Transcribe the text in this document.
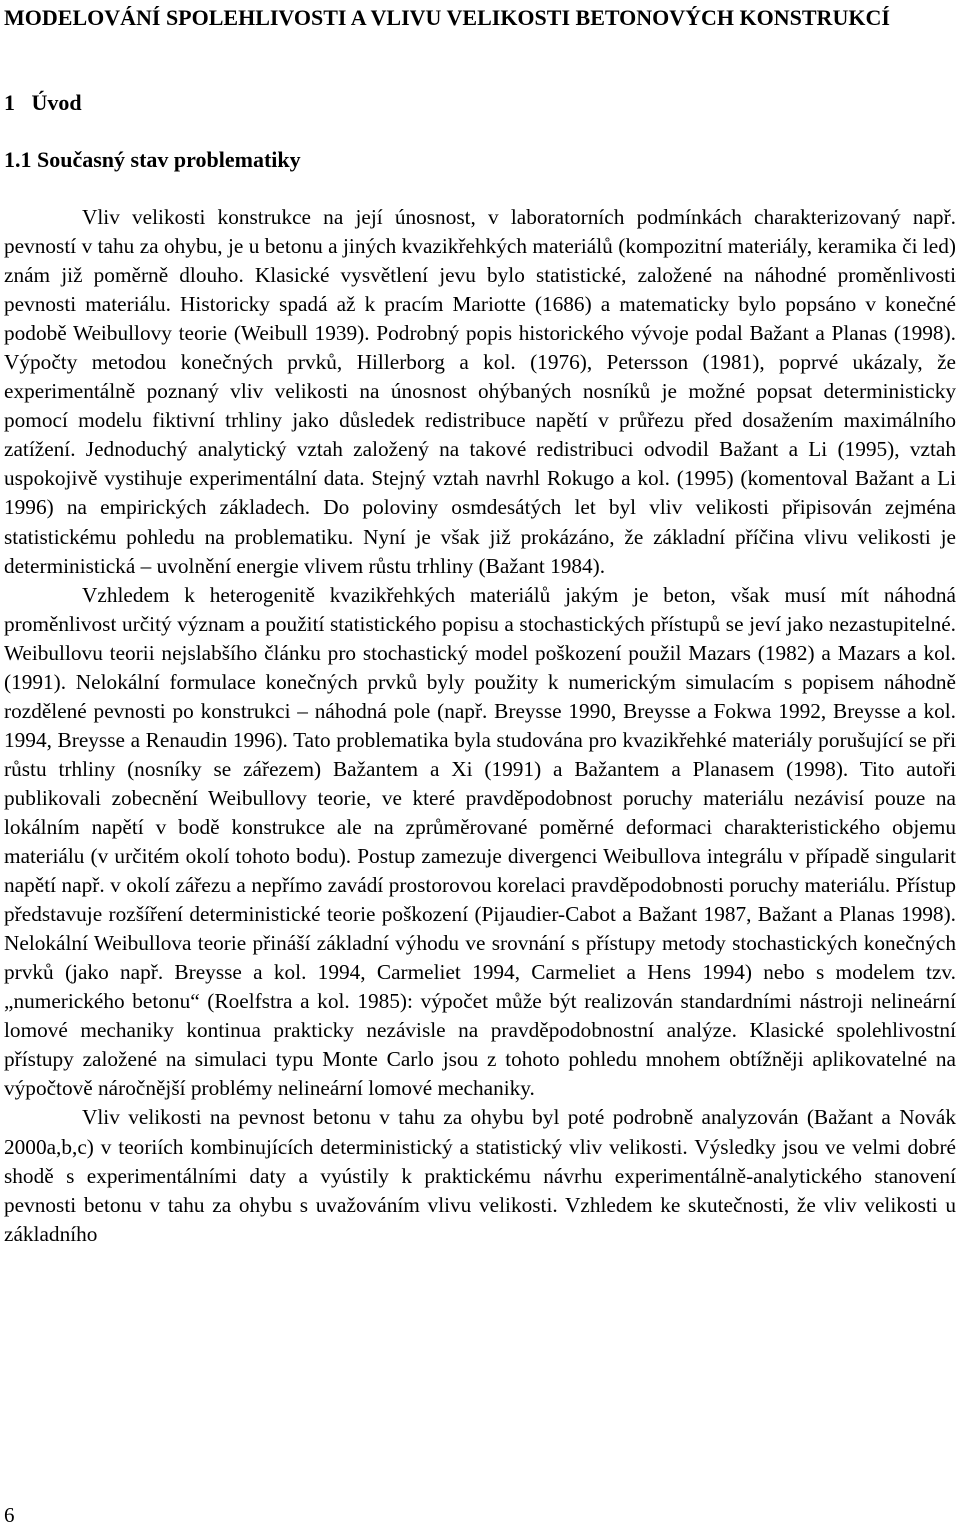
MODELOVÁNÍ SPOLEHLIVOSTI A VLIVU VELIKOSTI BETONOVÝCH KONSTRUKCÍ
1   Úvod
1.1 Současný stav problematiky

Vliv velikosti konstrukce na její únosnost, v laboratorních podmínkách charakterizovaný např. pevností v tahu za ohybu, je u betonu a jiných kvazikřehkých materiálů (kompozitní materiály, keramika či led) znám již poměrně dlouho. Klasické vysvětlení jevu bylo statistické, založené na náhodné proměnlivosti pevnosti materiálu. Historicky spadá až k pracím Mariotte (1686) a matematicky bylo popsáno v konečné podobě Weibullovy teorie (Weibull 1939). Podrobný popis historického vývoje podal Bažant a Planas (1998). Výpočty metodou konečných prvků, Hillerborg a kol. (1976), Petersson (1981), poprvé ukázaly, že experimentálně poznaný vliv velikosti na únosnost ohýbaných nosníků je možné popsat deterministicky pomocí modelu fiktivní trhliny jako důsledek redistribuce napětí v průřezu před dosažením maximálního zatížení. Jednoduchý analytický vztah založený na takové redistribuci odvodil Bažant a Li (1995), vztah uspokojivě vystihuje experimentální data. Stejný vztah navrhl Rokugo a kol. (1995) (komentoval Bažant a Li 1996) na empirických základech. Do poloviny osmdesátých let byl vliv velikosti připisován zejména statistickému pohledu na problematiku. Nyní je však již prokázáno, že základní příčina vlivu velikosti je deterministická – uvolnění energie vlivem růstu trhliny (Bažant 1984).

Vzhledem k heterogenitě kvazikřehkých materiálů jakým je beton, však musí mít náhodná proměnlivost určitý význam a použití statistického popisu a stochastických přístupů se jeví jako nezastupitelné. Weibullovu teorii nejslabšího článku pro stochastický model poškození použil Mazars (1982) a Mazars a kol. (1991). Nelokální formulace konečných prvků byly použity k numerickým simulacím s popisem náhodně rozdělené pevnosti po konstrukci – náhodná pole (např. Breysse 1990, Breysse a Fokwa 1992, Breysse a kol. 1994, Breysse a Renaudin 1996). Tato problematika byla studována pro kvazikřehké materiály porušující se při růstu trhliny (nosníky se zářezem) Bažantem a Xi (1991) a Bažantem a Planasem (1998). Tito autoři publikovali zobecnění Weibullovy teorie, ve které pravděpodobnost poruchy materiálu nezávisí pouze na lokálním napětí v bodě konstrukce ale na zprůměrované poměrné deformaci charakteristického objemu materiálu (v určitém okolí tohoto bodu). Postup zamezuje divergenci Weibullova integrálu v případě singularit napětí např. v okolí zářezu a nepřímo zavádí prostorovou korelaci pravděpodobnosti poruchy materiálu. Přístup představuje rozšíření deterministické teorie poškození (Pijaudier-Cabot a Bažant 1987, Bažant a Planas 1998). Nelokální Weibullova teorie přináší základní výhodu ve srovnání s přístupy metody stochastických konečných prvků (jako např. Breysse a kol. 1994, Carmeliet 1994, Carmeliet a Hens 1994) nebo s modelem tzv. „numerického betonu“ (Roelfstra a kol. 1985): výpočet může být realizován standardními nástroji nelineární lomové mechaniky kontinua prakticky nezávisle na pravděpodobnostní analýze. Klasické spolehlivostní přístupy založené na simulaci typu Monte Carlo jsou z tohoto pohledu mnohem obtížněji aplikovatelné na výpočtově náročnější problémy nelineární lomové mechaniky.

Vliv velikosti na pevnost betonu v tahu za ohybu byl poté podrobně analyzován (Bažant a Novák 2000a,b,c) v teoriích kombinujících deterministický a statistický vliv velikosti. Výsledky jsou ve velmi dobré shodě s experimentálními daty a vyústily k praktickému návrhu experimentálně-analytického stanovení pevnosti betonu v tahu za ohybu s uvažováním vlivu velikosti. Vzhledem ke skutečnosti, že vliv velikosti u základního

6
